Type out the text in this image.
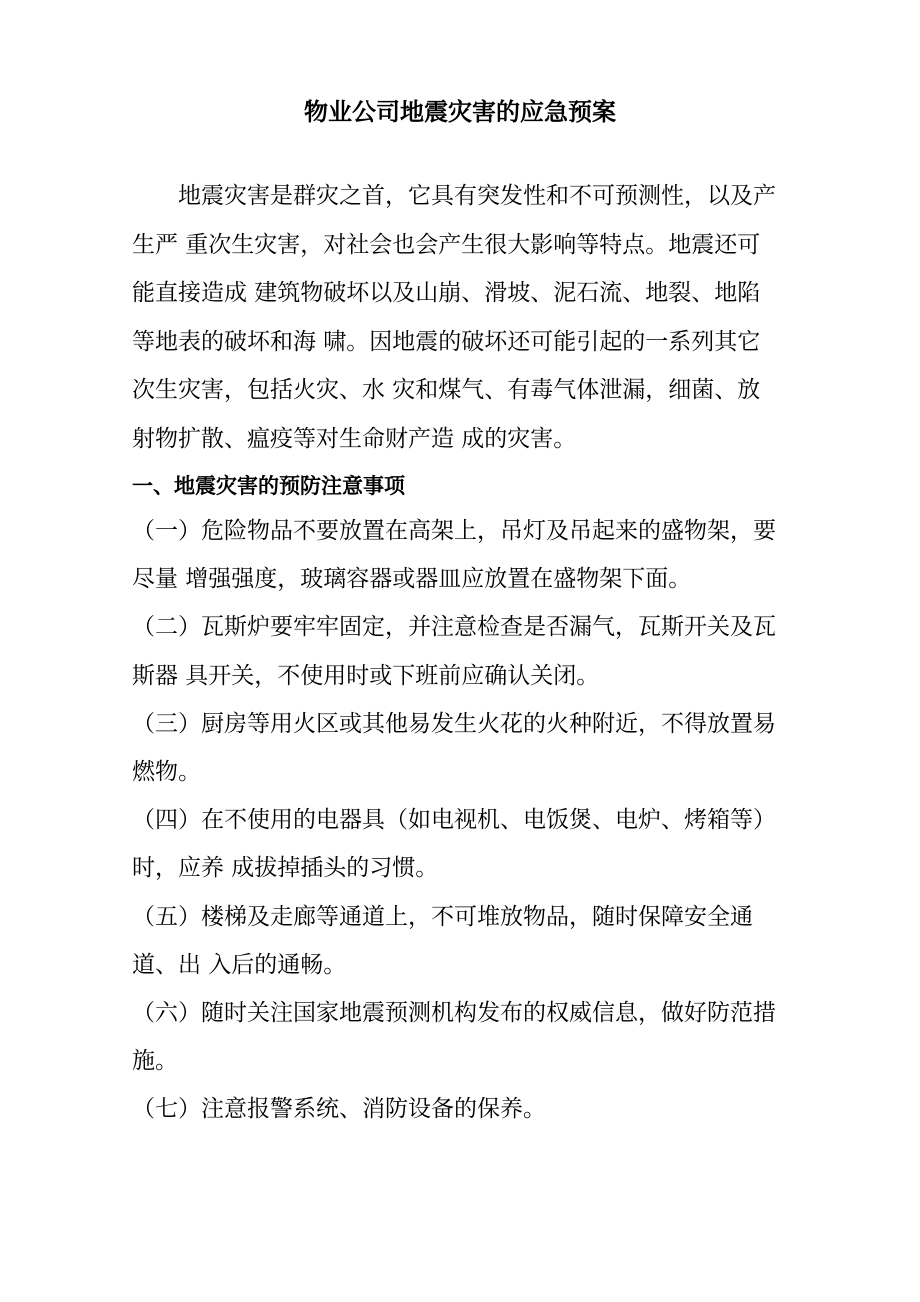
物业公司地震灾害的应急预案
地震灾害是群灾之首，它具有突发性和不可预测性，以及产
生严 重次生灾害，对社会也会产生很大影响等特点。地震还可
能直接造成 建筑物破坏以及山崩、滑坡、泥石流、地裂、地陷
等地表的破坏和海 啸。因地震的破坏还可能引起的一系列其它
次生灾害，包括火灾、水 灾和煤气、有毒气体泄漏，细菌、放
射物扩散、瘟疫等对生命财产造 成的灾害。
一、地震灾害的预防注意事项
（一）危险物品不要放置在高架上，吊灯及吊起来的盛物架，要
尽量 增强强度，玻璃容器或器皿应放置在盛物架下面。
（二）瓦斯炉要牢牢固定，并注意检查是否漏气，瓦斯开关及瓦
斯器 具开关，不使用时或下班前应确认关闭。
（三）厨房等用火区或其他易发生火花的火种附近，不得放置易
燃物。
（四）在不使用的电器具（如电视机、电饭煲、电炉、烤箱等）
时，应养 成拔掉插头的习惯。
（五）楼梯及走廊等通道上，不可堆放物品，随时保障安全通
道、出 入后的通畅。
（六）随时关注国家地震预测机构发布的权威信息，做好防范措
施。
（七）注意报警系统、消防设备的保养。
